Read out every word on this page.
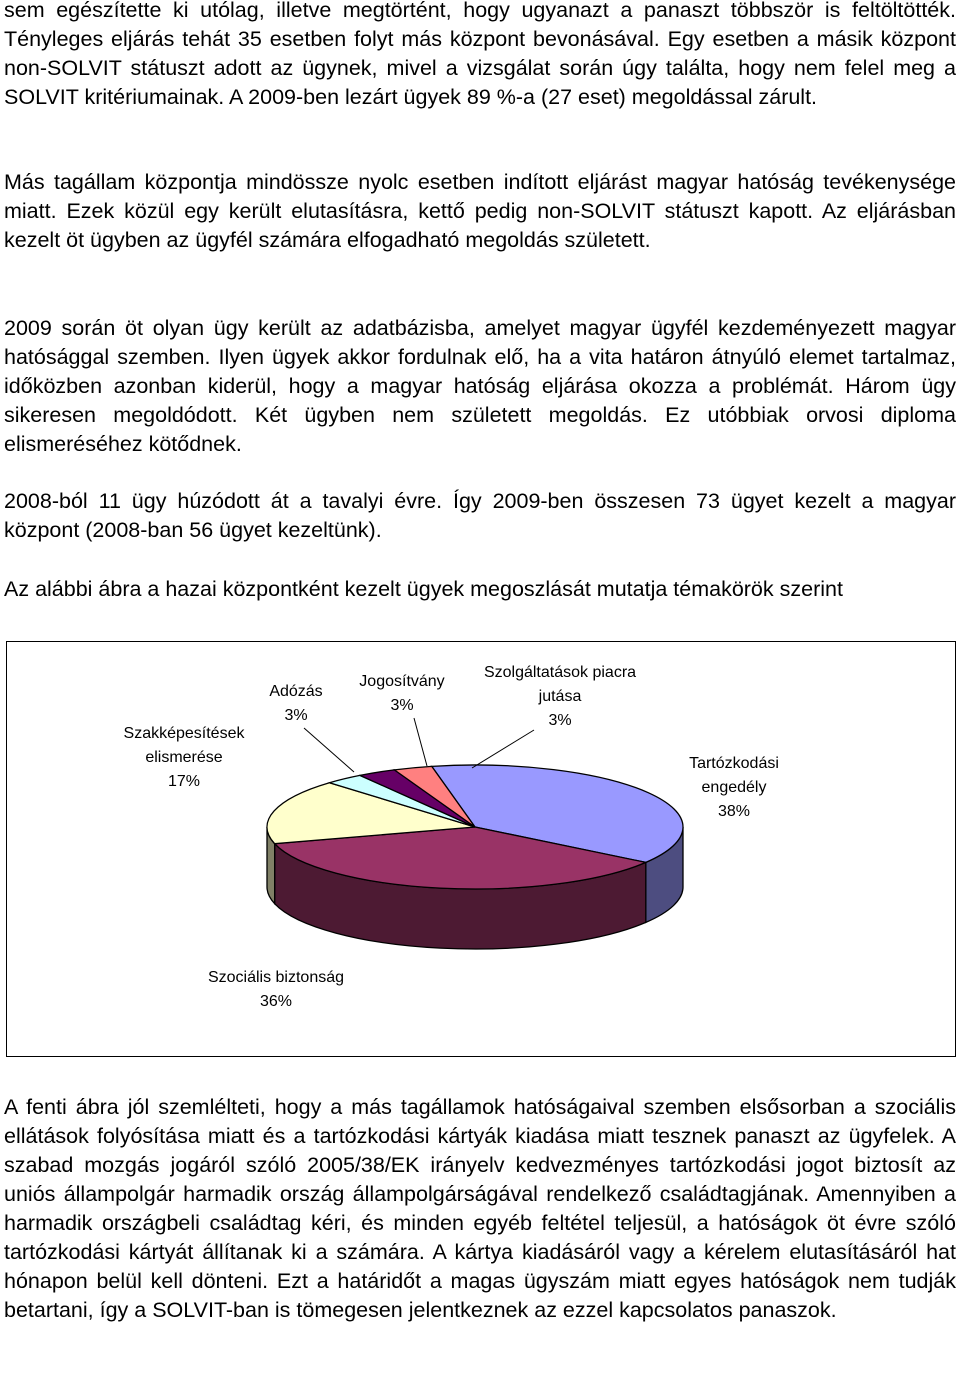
sem egészítette ki utólag, illetve megtörtént, hogy ugyanazt a panaszt többször is feltöltötték. Tényleges eljárás tehát 35 esetben folyt más központ bevonásával. Egy esetben a másik központ non-SOLVIT státuszt adott az ügynek, mivel a vizsgálat során úgy találta, hogy nem felel meg a SOLVIT kritériumainak. A 2009-ben lezárt ügyek 89 %-a (27 eset) megoldással zárult.

Más tagállam központja mindössze nyolc esetben indított eljárást magyar hatóság tevékenysége miatt. Ezek közül egy került elutasításra, kettő pedig non-SOLVIT státuszt kapott. Az eljárásban kezelt öt ügyben az ügyfél számára elfogadható megoldás született.

2009 során öt olyan ügy került az adatbázisba, amelyet magyar ügyfél kezdeményezett magyar hatósággal szemben. Ilyen ügyek akkor fordulnak elő, ha a vita határon átnyúló elemet tartalmaz, időközben azonban kiderül, hogy a magyar hatóság eljárása okozza a problémát. Három ügy sikeresen megoldódott. Két ügyben nem született megoldás. Ez utóbbiak orvosi diploma elismeréséhez kötődnek.

2008-ból 11 ügy húzódott át a tavalyi évre. Így 2009-ben összesen 73 ügyet kezelt a magyar központ (2008-ban 56 ügyet kezeltünk).

Az alábbi ábra a hazai központként kezelt ügyek megoszlását mutatja témakörök szerint

A fenti ábra jól szemlélteti, hogy a más tagállamok hatóságaival szemben elsősorban a szociális ellátások folyósítása miatt és a tartózkodási kártyák kiadása miatt tesznek panaszt az ügyfelek. A szabad mozgás jogáról szóló 2005/38/EK irányelv kedvezményes tartózkodási jogot biztosít az uniós állampolgár harmadik ország állampolgárságával rendelkező családtagjának. Amennyiben a harmadik országbeli családtag kéri, és minden egyéb feltétel teljesül, a hatóságok öt évre szóló tartózkodási kártyát állítanak ki a számára. A kártya kiadásáról vagy a kérelem elutasításáról hat hónapon belül kell dönteni. Ezt a határidőt a magas ügyszám miatt egyes hatóságok nem tudják betartani, így a SOLVIT-ban is tömegesen jelentkeznek az ezzel kapcsolatos panaszok.

Tartózkodási
engedély
38%
Szociális biztonság
36%
Szakképesítések
elismerése
17%
Adózás
3%
Jogosítvány
3%
Szolgáltatások piacra
jutása
3%
